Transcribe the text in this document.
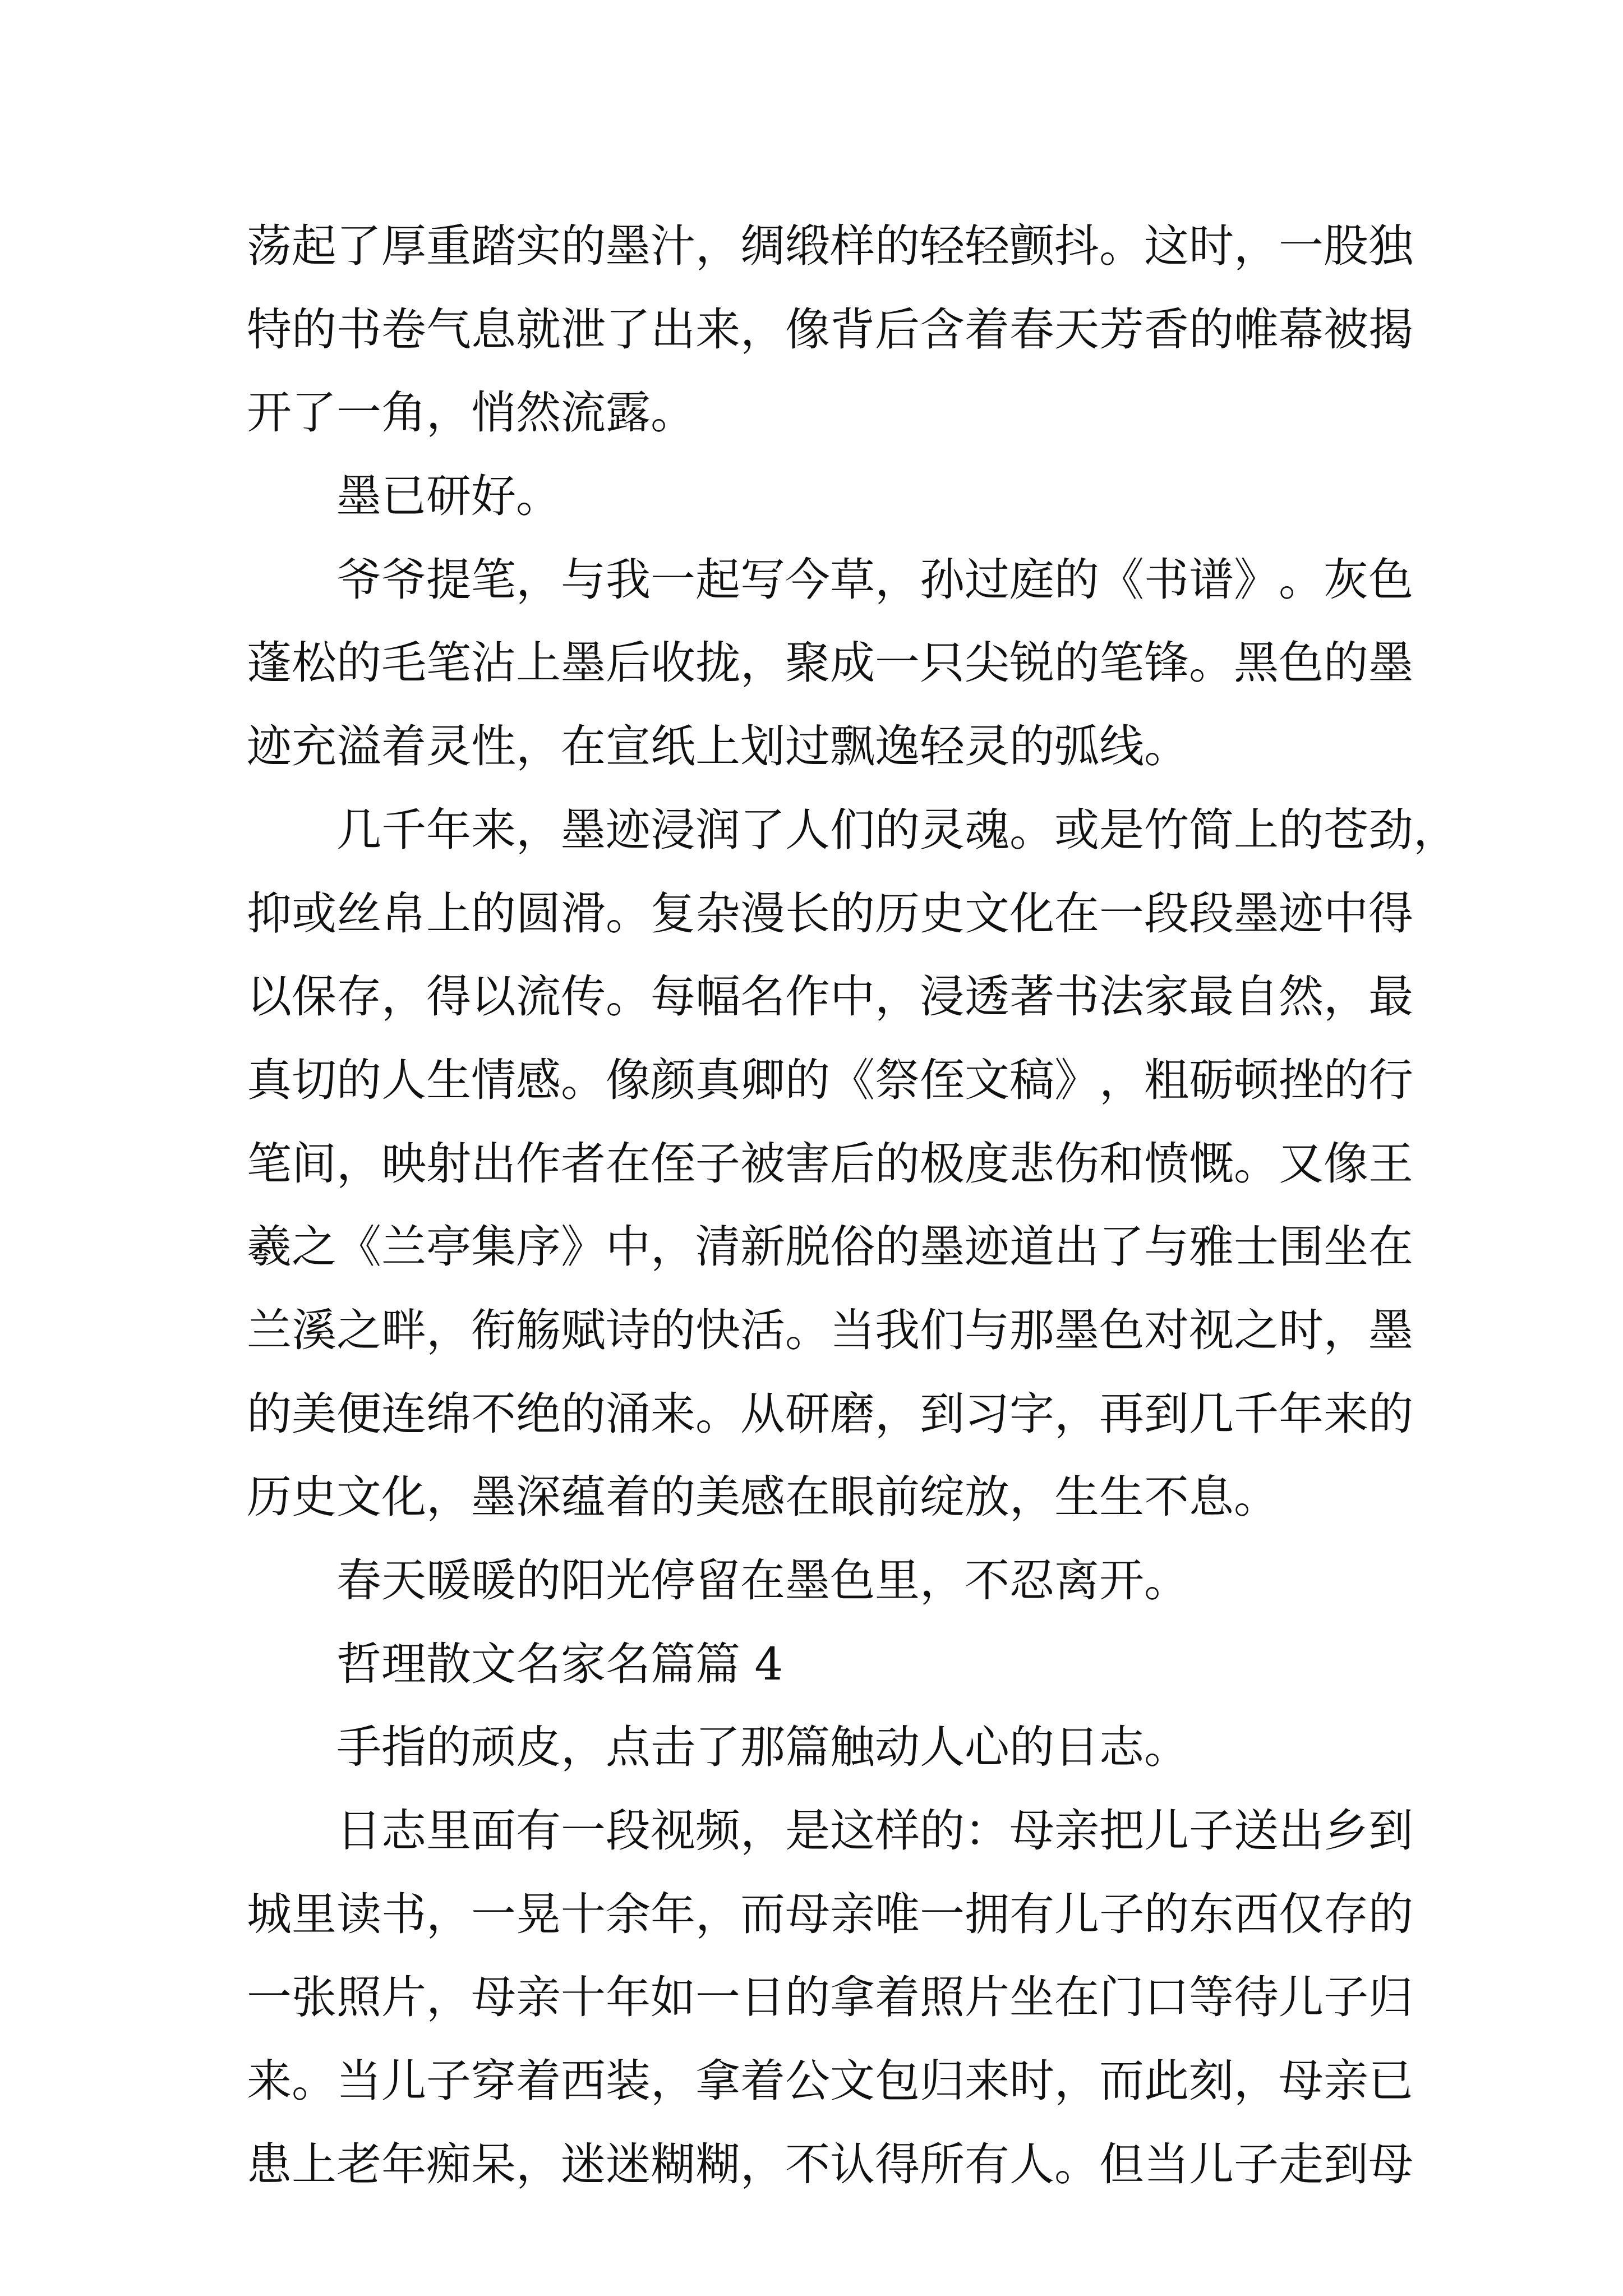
荡 起 了 厚 重 踏 实 的 墨 汁 ， 绸 缎 样 的 轻 轻 颤 抖 。 这 时 ， 一 股 独
特 的 书 卷 气 息 就 泄 了 出 来 ， 像 背 后 含 着 春 天 芳 香 的 帷 幕 被 揭
开了一角，悄然流露。
墨已研好。
爷 爷 提 笔 ， 与 我 一 起 写 今 草 ， 孙 过 庭 的 《 书 谱 》 。 灰 色
蓬 松 的 毛 笔 沾 上 墨 后 收 拢 ， 聚 成 一 只 尖 锐 的 笔 锋 。 黑 色 的 墨
迹充溢着灵性，在宣纸上划过飘逸轻灵的弧线。
几 千 年 来 ， 墨 迹 浸 润 了 人 们 的 灵 魂 。 或 是 竹 简 上 的 苍 劲 ，
抑 或 丝 帛 上 的 圆 滑 。 复 杂 漫 长 的 历 史 文 化 在 一 段 段 墨 迹 中 得
以 保 存 ， 得 以 流 传 。 每 幅 名 作 中 ， 浸 透 著 书 法 家 最 自 然 ， 最
真 切 的 人 生 情 感 。 像 颜 真 卿 的 《 祭 侄 文 稿 》 ， 粗 砺 顿 挫 的 行
笔 间 ， 映 射 出 作 者 在 侄 子 被 害 后 的 极 度 悲 伤 和 愤 慨 。 又 像 王
羲 之 《 兰 亭 集 序 》 中 ， 清 新 脱 俗 的 墨 迹 道 出 了 与 雅 士 围 坐 在
兰 溪 之 畔 ， 衔 觞 赋 诗 的 快 活 。 当 我 们 与 那 墨 色 对 视 之 时 ， 墨
的 美 便 连 绵 不 绝 的 涌 来 。 从 研 磨 ， 到 习 字 ， 再 到 几 千 年 来 的
历史文化，墨深蕴着的美感在眼前绽放，生生不息。
春天暖暖的阳光停留在墨色里，不忍离开。
哲理散文名家名篇篇 4
手指的顽皮，点击了那篇触动人心的日志。
日 志 里 面 有 一 段 视 频 ， 是 这 样 的 ： 母 亲 把 儿 子 送 出 乡 到
城 里 读 书 ， 一 晃 十 余 年 ， 而 母 亲 唯 一 拥 有 儿 子 的 东 西 仅 存 的
一 张 照 片 ， 母 亲 十 年 如 一 日 的 拿 着 照 片 坐 在 门 口 等 待 儿 子 归
来 。 当 儿 子 穿 着 西 装 ， 拿 着 公 文 包 归 来 时 ， 而 此 刻 ， 母 亲 已
患 上 老 年 痴 呆 ， 迷 迷 糊 糊 ， 不 认 得 所 有 人 。 但 当 儿 子 走 到 母
